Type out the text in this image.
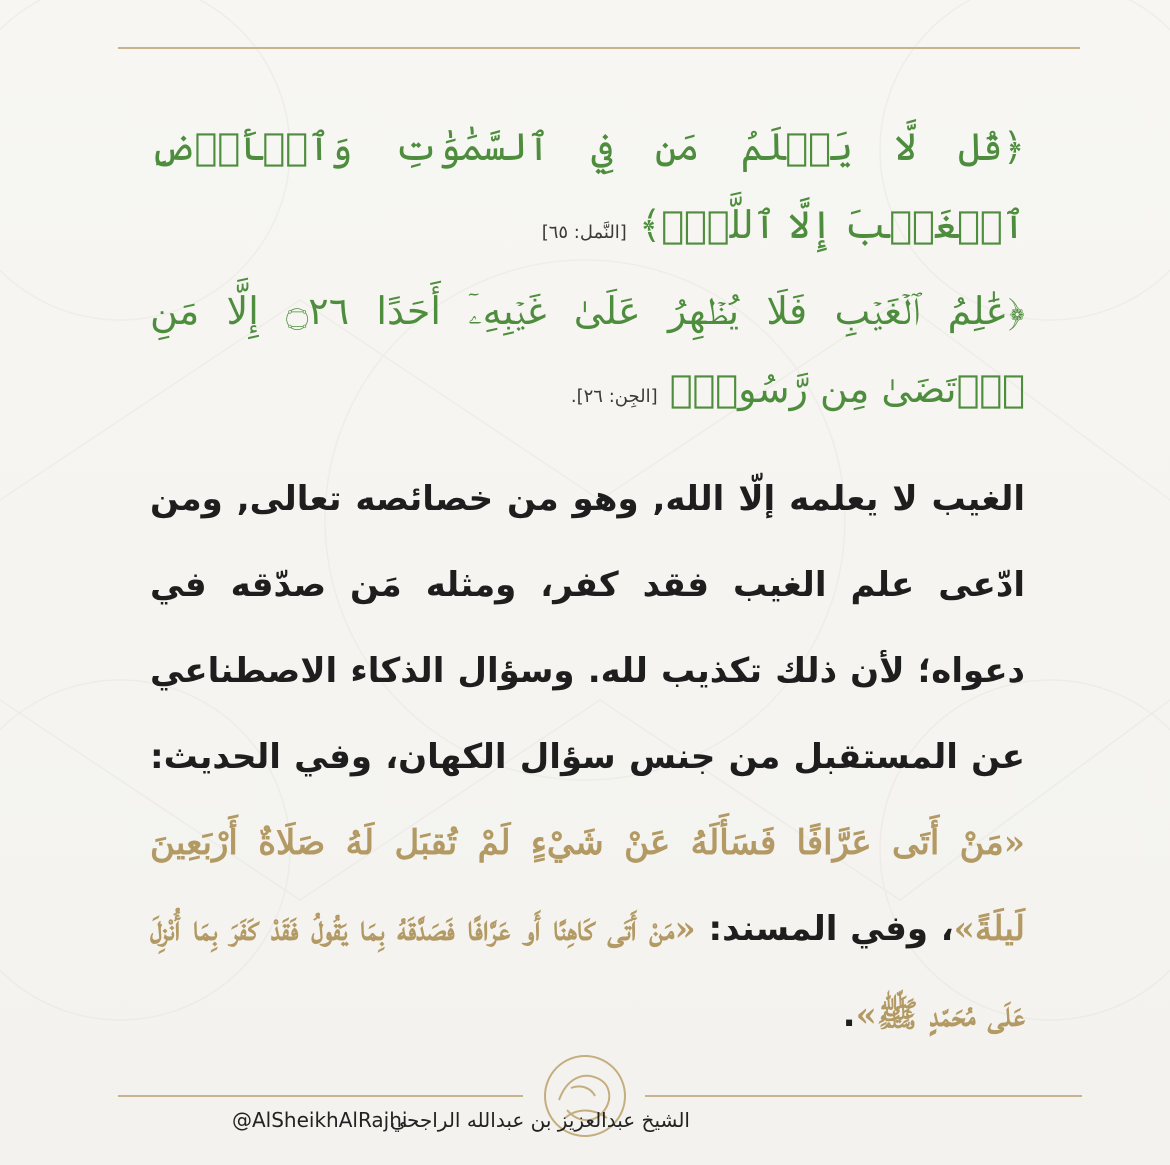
﴿قُل لَّا يَعۡلَمُ مَن فِي ٱلسَّمَٰوَٰتِ وَٱلۡأَرۡضِ ٱلۡغَيۡبَ إِلَّا ٱللَّهُۚ﴾ [النَّمل: ٦٥]
﴿عَٰلِمُ ٱلۡغَيۡبِ فَلَا يُظۡهِرُ عَلَىٰ غَيۡبِهِۦٓ أَحَدًا ۝٢٦ إِلَّا مَنِ ٱرۡتَضَىٰ مِن رَّسُولٖ﴾ [الجِن: ٢٦].
الغيب لا يعلمه إلّا الله, وهو من خصائصه تعالى, ومن ادّعى علم الغيب فقد كفر، ومثله مَن صدّقه في دعواه؛ لأن ذلك تكذيب لله. وسؤال الذكاء الاصطناعي عن المستقبل من جنس سؤال الكهان، وفي الحديث: «مَنْ أَتَى عَرَّافًا فَسَأَلَهُ عَنْ شَيْءٍ لَمْ تُقبَل لَهُ صَلَاةٌ أَرْبَعِينَ لَيلَةً»، وفي المسند: «مَنْ أَتَى كَاهِنًا أَو عَرَّافًا فَصَدَّقَهُ بِمَا يَقُولُ فَقَدْ كَفَرَ بِمَا أُنْزِلَ عَلَى مُحَمّدٍ ﷺ».
الشيخ عبدالعزيز بن عبدالله الراجحي
@AlSheikhAlRajhi
